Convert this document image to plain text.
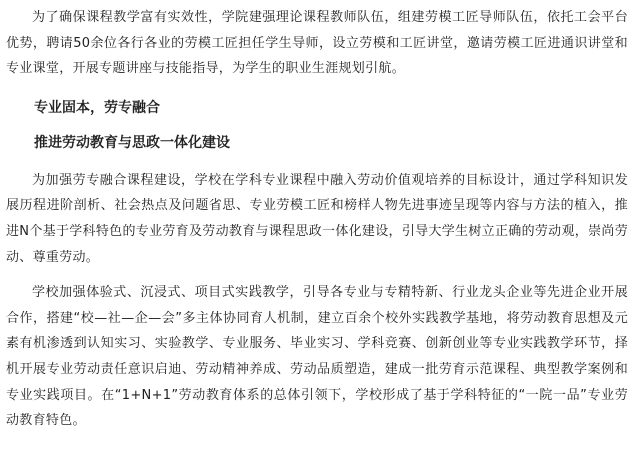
为了确保课程教学富有实效性，学院建强理论课程教师队伍，组建劳模工匠导师队伍，依托工会平台优势，聘请50余位各行各业的劳模工匠担任学生导师，设立劳模和工匠讲堂，邀请劳模工匠进通识讲堂和专业课堂，开展专题讲座与技能指导，为学生的职业生涯规划引航。

专业固本，劳专融合

推进劳动教育与思政一体化建设

为加强劳专融合课程建设，学校在学科专业课程中融入劳动价值观培养的目标设计，通过学科知识发展历程进阶剖析、社会热点及问题省思、专业劳模工匠和榜样人物先进事迹呈现等内容与方法的植入，推进N个基于学科特色的专业劳育及劳动教育与课程思政一体化建设，引导大学生树立正确的劳动观，崇尚劳动、尊重劳动。

学校加强体验式、沉浸式、项目式实践教学，引导各专业与专精特新、行业龙头企业等先进企业开展合作，搭建“校—社—企—会”多主体协同育人机制，建立百余个校外实践教学基地，将劳动教育思想及元素有机渗透到认知实习、实验教学、专业服务、毕业实习、学科竞赛、创新创业等专业实践教学环节，择机开展专业劳动责任意识启迪、劳动精神养成、劳动品质塑造，建成一批劳育示范课程、典型教学案例和专业实践项目。在“1+N+1”劳动教育体系的总体引领下，学校形成了基于学科特征的“一院一品”专业劳动教育特色。
